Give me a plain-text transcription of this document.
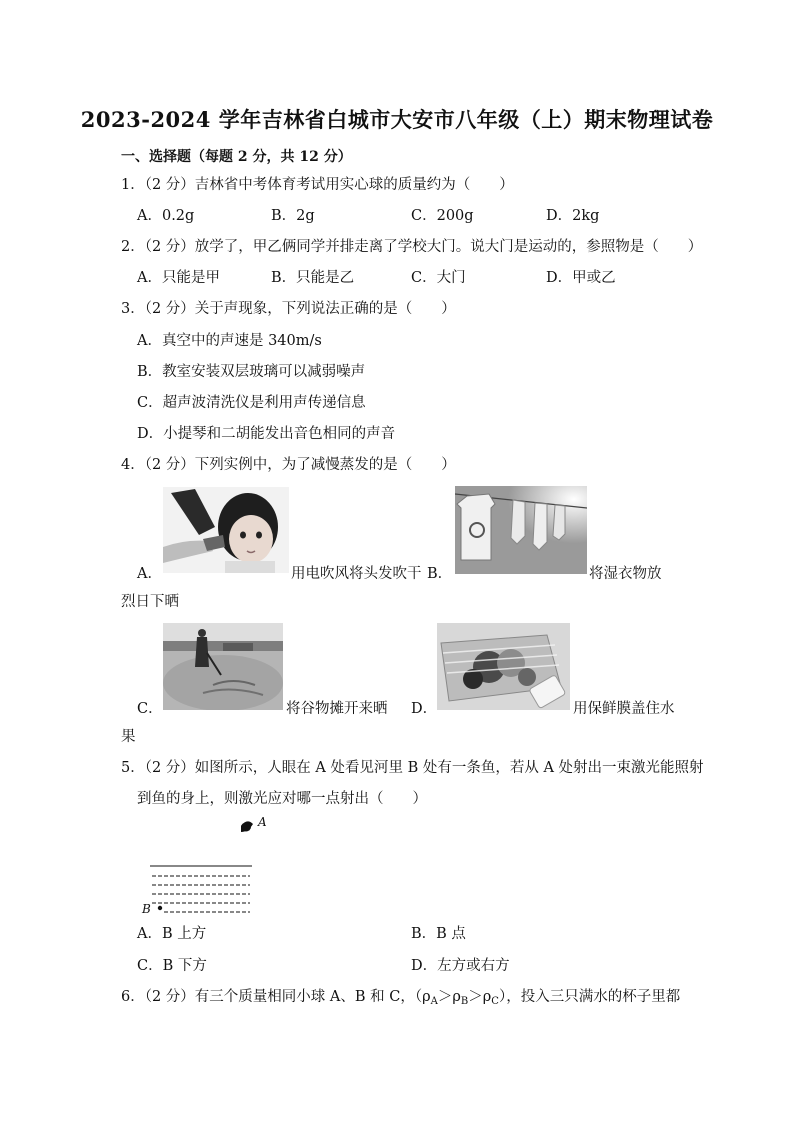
2023-2024 学年吉林省白城市大安市八年级（上）期末物理试卷
一、选择题（每题 2 分，共 12 分）
1．（2 分）吉林省中考体育考试用实心球的质量约为（　　）
A．0.2g	B．2g	C．200g	D．2kg
2．（2 分）放学了，甲乙俩同学并排走离了学校大门。说大门是运动的，参照物是（　　）
A．只能是甲	B．只能是乙	C．大门	D．甲或乙
3．（2 分）关于声现象，下列说法正确的是（　　）
A．真空中的声速是 340m/s
B．教室安装双层玻璃可以减弱噪声
C．超声波清洗仪是利用声传递信息
D．小提琴和二胡能发出音色相同的声音
4．（2 分）下列实例中，为了减慢蒸发的是（　　）
A．	用电吹风将头发吹干 B．	将湿衣物放
烈日下晒
C．	将谷物摊开来晒 D．	用保鲜膜盖住水
果
5．（2 分）如图所示，人眼在 A 处看见河里 B 处有一条鱼，若从 A 处射出一束激光能照射
到鱼的身上，则激光应对哪一点射出（　　）
A
B
A．B 上方	B．B 点
C．B 下方	D．左方或右方
6．（2 分）有三个质量相同小球 A、B 和 C，$(\rho_A>\rho_B>\rho_C)$，投入三只满水的杯子里都
